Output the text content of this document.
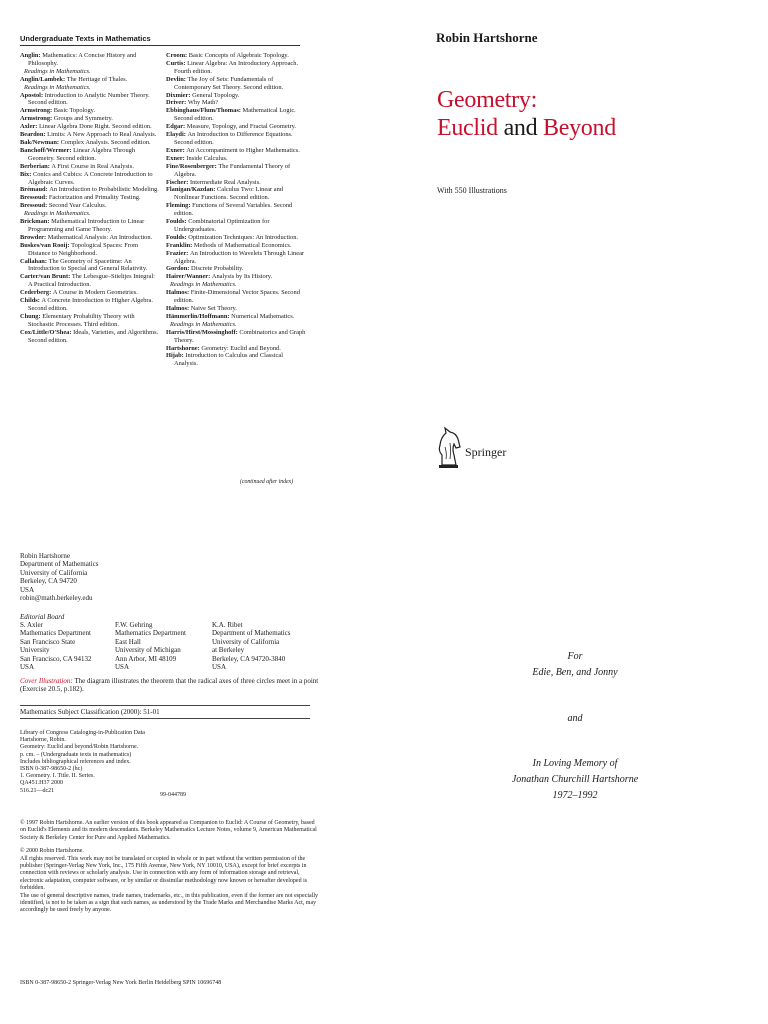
Undergraduate Texts in Mathematics

Anglin: Mathematics: A Concise History and Philosophy.

Readings in Mathematics.

Anglin/Lambek: The Heritage of Thales.

Readings in Mathematics.

Apostol: Introduction to Analytic Number Theory. Second edition.

Armstrong: Basic Topology.

Armstrong: Groups and Symmetry.

Axler: Linear Algebra Done Right. Second edition.

Beardon: Limits: A New Approach to Real Analysis.

Bak/Newman: Complex Analysis. Second edition.

Banchoff/Wermer: Linear Algebra Through Geometry. Second edition.

Berberian: A First Course in Real Analysis.

Bix: Conics and Cubics: A Concrete Introduction to Algebraic Curves.

Brémaud: An Introduction to Probabilistic Modeling.

Bressoud: Factorization and Primality Testing.

Bressoud: Second Year Calculus.

Readings in Mathematics.

Brickman: Mathematical Introduction to Linear Programming and Game Theory.

Browder: Mathematical Analysis: An Introduction.

Buskes/van Rooij: Topological Spaces: From Distance to Neighborhood.

Callahan: The Geometry of Spacetime: An Introduction to Special and General Relativity.

Carter/van Brunt: The Lebesgue–Stieltjes Integral: A Practical Introduction.

Cederberg: A Course in Modern Geometries.

Childs: A Concrete Introduction to Higher Algebra. Second edition.

Chung: Elementary Probability Theory with Stochastic Processes. Third edition.

Cox/Little/O'Shea: Ideals, Varieties, and Algorithms. Second edition.

Croom: Basic Concepts of Algebraic Topology.

Curtis: Linear Algebra: An Introductory Approach. Fourth edition.

Devlin: The Joy of Sets: Fundamentals of Contemporary Set Theory. Second edition.

Dixmier: General Topology.

Driver: Why Math?

Ebbinghaus/Flum/Thomas: Mathematical Logic. Second edition.

Edgar: Measure, Topology, and Fractal Geometry.

Elaydi: An Introduction to Difference Equations. Second edition.

Exner: An Accompaniment to Higher Mathematics.

Exner: Inside Calculus.

Fine/Rosenberger: The Fundamental Theory of Algebra.

Fischer: Intermediate Real Analysis.

Flanigan/Kazdan: Calculus Two: Linear and Nonlinear Functions. Second edition.

Fleming: Functions of Several Variables. Second edition.

Foulds: Combinatorial Optimization for Undergraduates.

Foulds: Optimization Techniques: An Introduction.

Franklin: Methods of Mathematical Economics.

Frazier: An Introduction to Wavelets Through Linear Algebra.

Gordon: Discrete Probability.

Hairer/Wanner: Analysis by Its History.

Readings in Mathematics.

Halmos: Finite-Dimensional Vector Spaces. Second edition.

Halmos: Naive Set Theory.

Hämmerlin/Hoffmann: Numerical Mathematics.

Readings in Mathematics.

Harris/Hirst/Mossinghoff: Combinatorics and Graph Theory.

Hartshorne: Geometry: Euclid and Beyond.

Hijab: Introduction to Calculus and Classical Analysis.

(continued after index)
Robin Hartshorne
Geometry:
Euclid and Beyond
With 550 Illustrations
Springer
Robin Hartshorne
Department of Mathematics
University of California
Berkeley, CA 94720
USA
robin@math.berkeley.edu
Editorial Board
S. Axler
Mathematics Department
San Francisco State
University
San Francisco, CA 94132
USA
F.W. Gehring
Mathematics Department
East Hall
University of Michigan
Ann Arbor, MI 48109
USA
K.A. Ribet
Department of Mathematics
University of California
at Berkeley
Berkeley, CA 94720-3840
USA
Cover Illustration: The diagram illustrates the theorem that the radical axes of three circles meet in a point (Exercise 20.5, p.182).
Mathematics Subject Classification (2000): 51-01
Library of Congress Cataloging-in-Publication Data
Hartshorne, Robin.
Geometry: Euclid and beyond/Robin Hartshorne.
p. cm. – (Undergraduate texts in mathematics)
Includes bibliographical references and index.
ISBN 0-387-98650-2 (hc)
1. Geometry. I. Title. II. Series.
QA451.H37 2000
516.21—dc21
99-044789
© 1997 Robin Hartshorne. An earlier version of this book appeared as Companion to Euclid: A Course of Geometry, based on Euclid's Elements and its modern descendants. Berkeley Mathematics Lecture Notes, volume 9, American Mathematical Society & Berkeley Center for Pure and Applied Mathematics.
© 2000 Robin Hartshorne.
All rights reserved. This work may not be translated or copied in whole or in part without the written permission of the publisher (Springer-Verlag New York, Inc., 175 Fifth Avenue, New York, NY 10010, USA), except for brief excerpts in connection with reviews or scholarly analysis. Use in connection with any form of information storage and retrieval, electronic adaptation, computer software, or by similar or dissimilar methodology now known or hereafter developed is forbidden.
The use of general descriptive names, trade names, trademarks, etc., in this publication, even if the former are not especially identified, is not to be taken as a sign that such names, as understood by the Trade Marks and Merchandise Marks Act, may accordingly be used freely by anyone.
ISBN 0-387-98650-2 Springer-Verlag New York Berlin Heidelberg SPIN 10696748
For
Edie, Ben, and Jonny
and
In Loving Memory of
Jonathan Churchill Hartshorne
1972–1992
